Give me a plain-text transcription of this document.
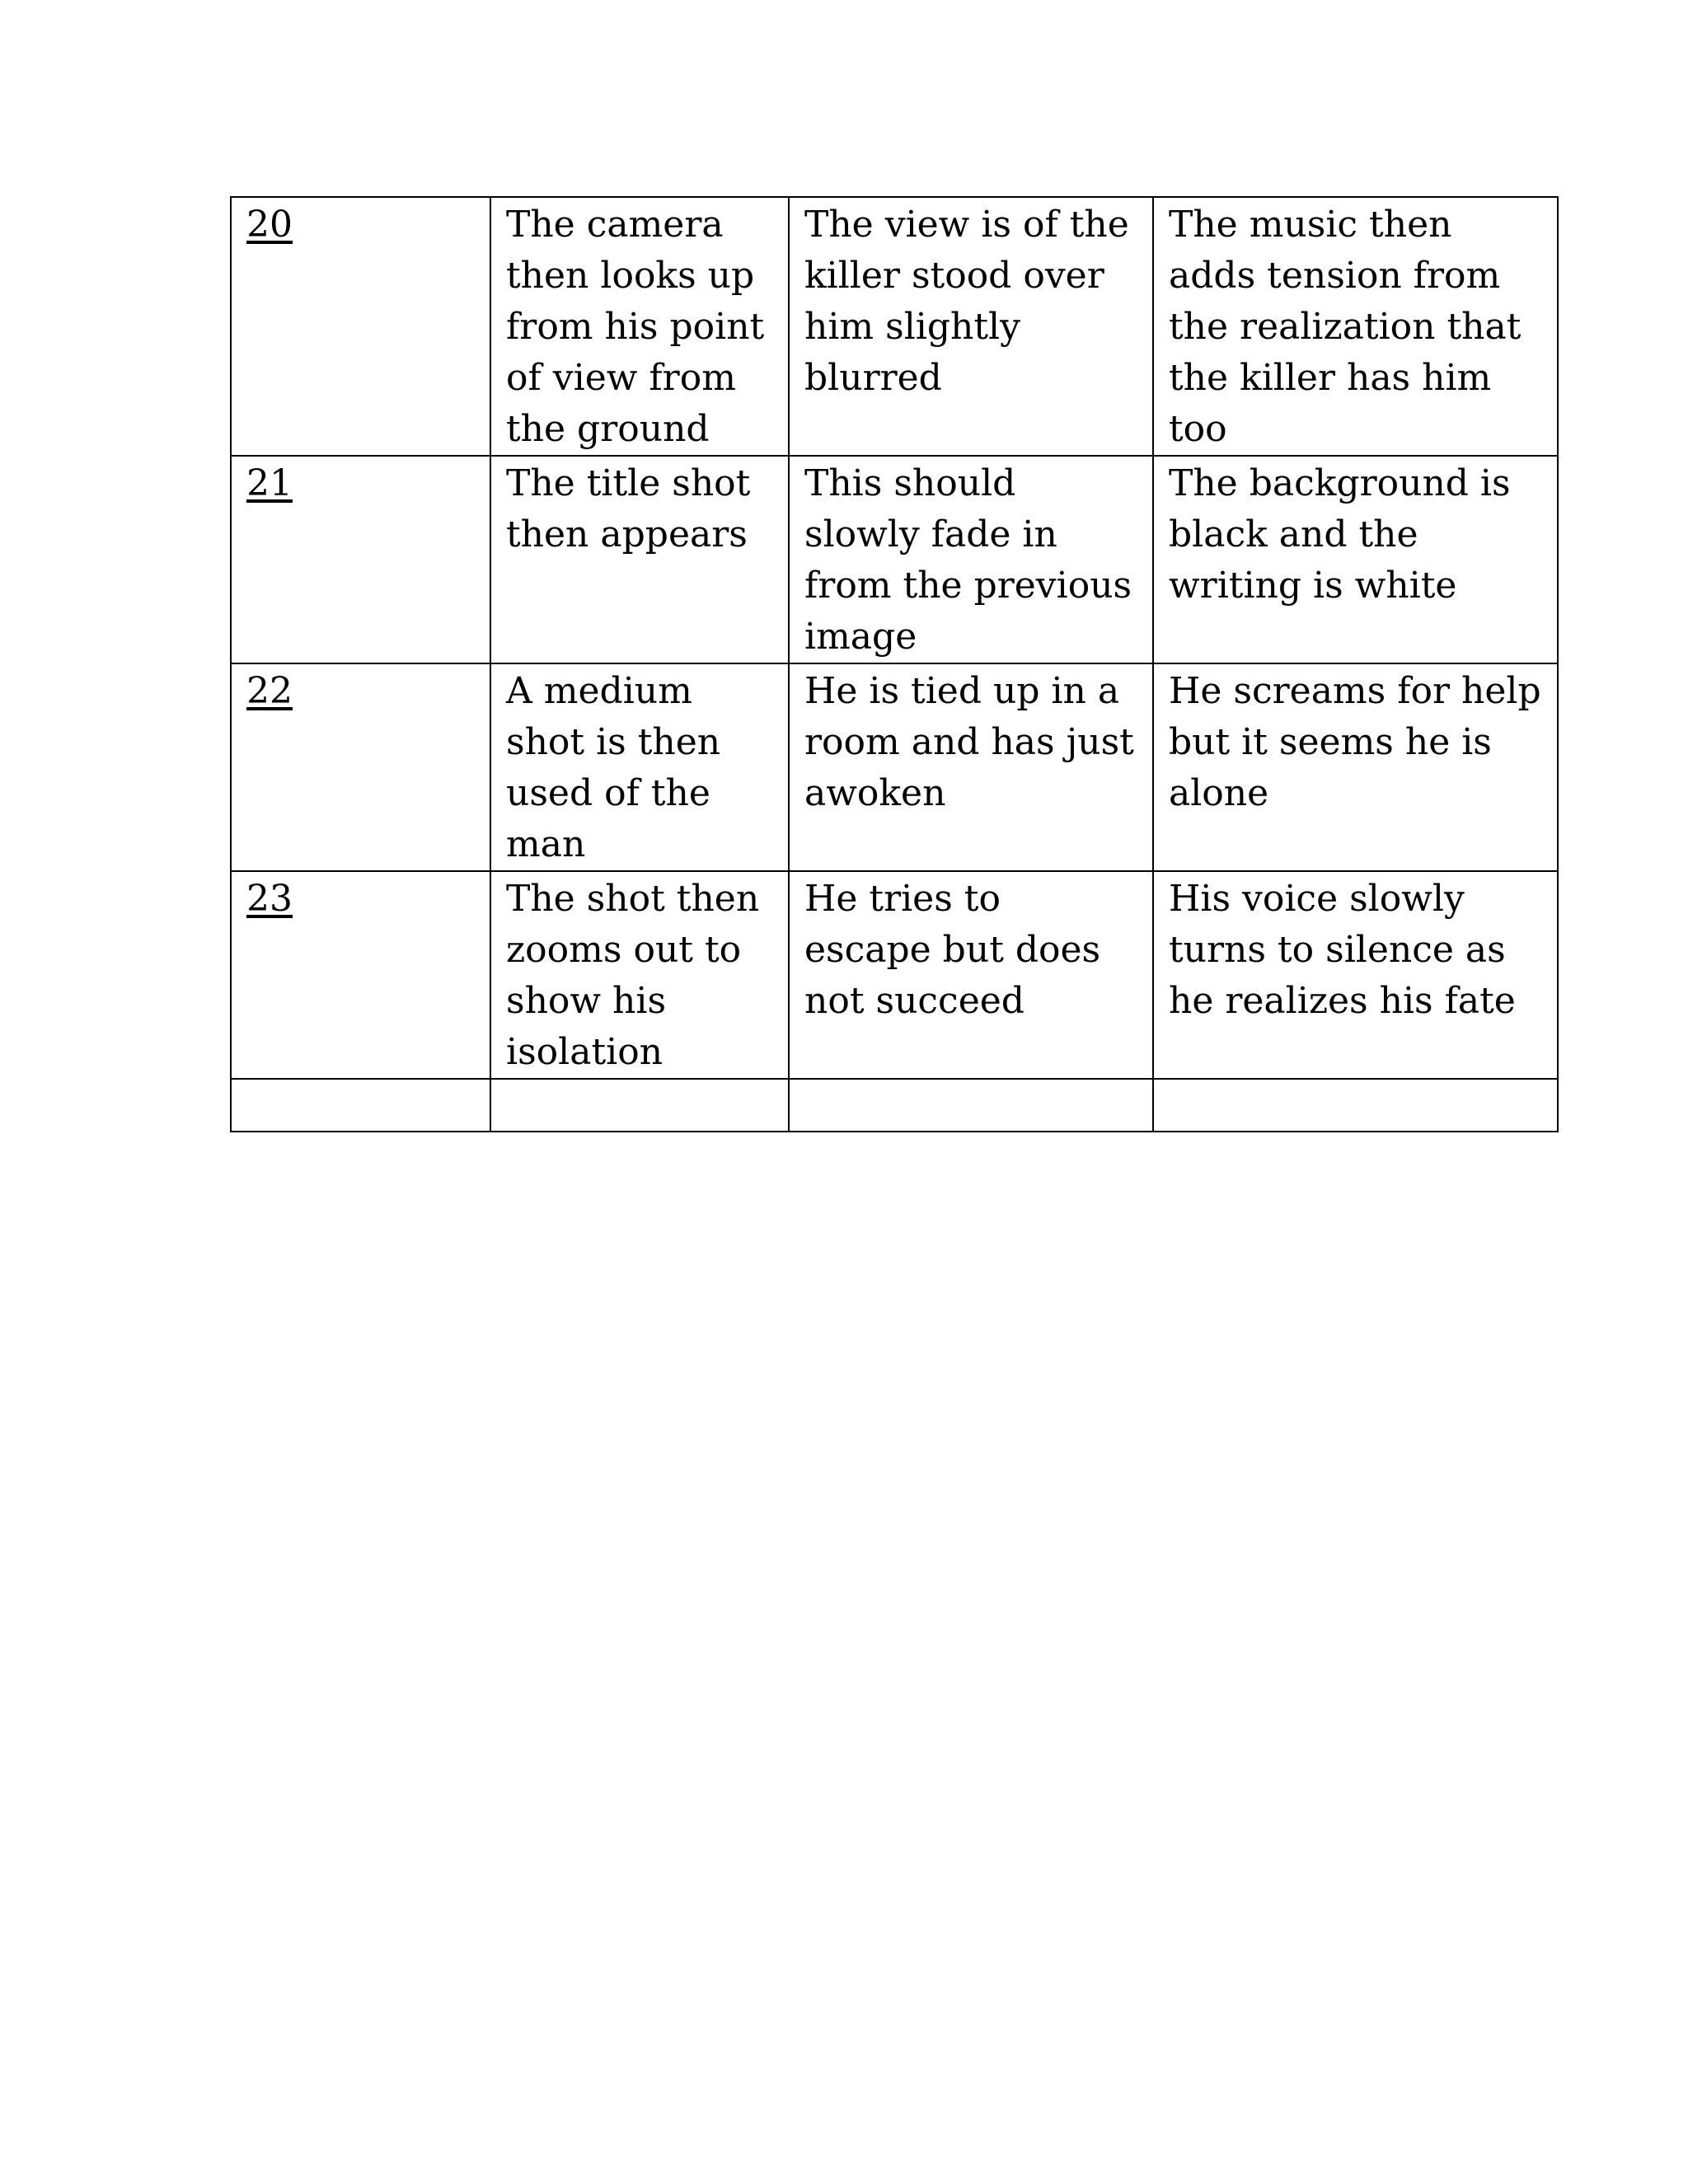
20	The camera then looks up from his point of view from the ground	The view is of the killer stood over him slightly blurred	The music then adds tension from the realization that the killer has him too
21	The title shot then appears	This should slowly fade in from the previous image	The background is black and the writing is white
22	A medium shot is then used of the man	He is tied up in a room and has just awoken	He screams for help but it seems he is alone
23	The shot then zooms out to show his isolation	He tries to escape but does not succeed	His voice slowly turns to silence as he realizes his fate
